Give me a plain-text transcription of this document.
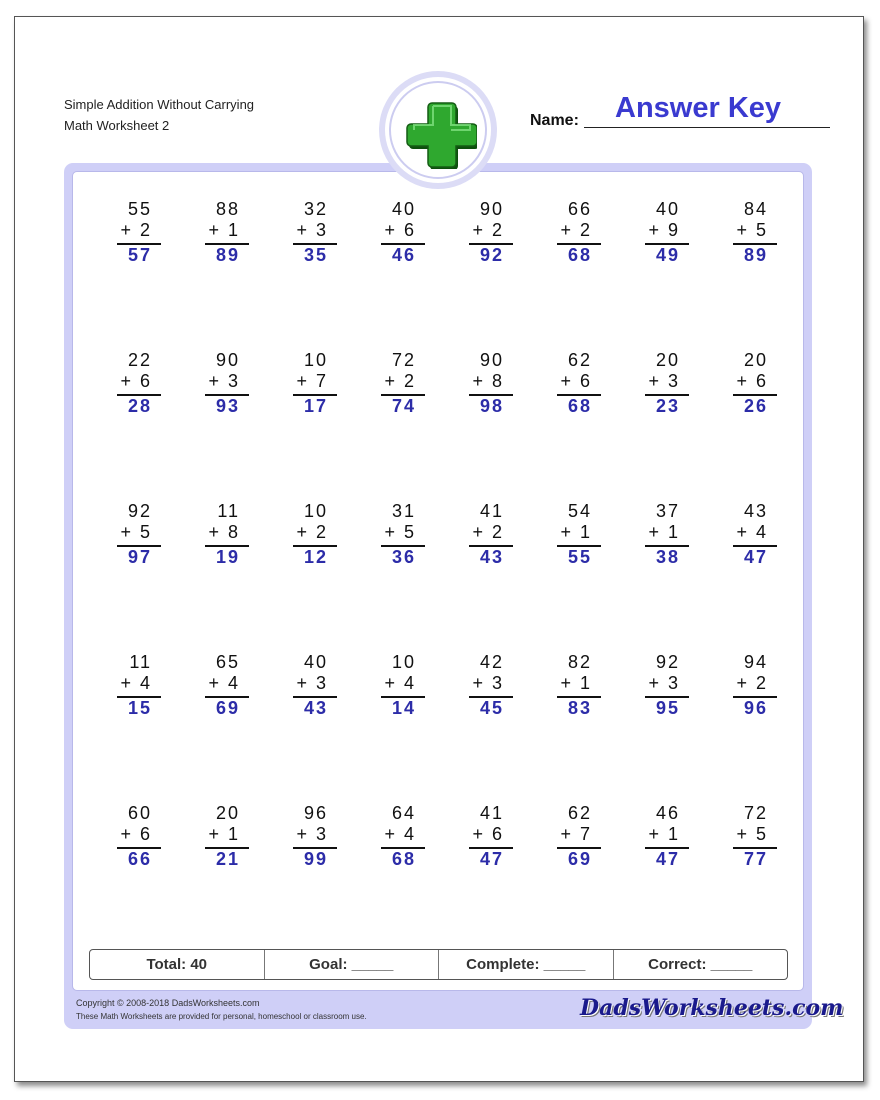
Simple Addition Without Carrying
Math Worksheet 2	Name: Answer Key
55
+ 2
57
88
+ 1
89
32
+ 3
35
40
+ 6
46
90
+ 2
92
66
+ 2
68
40
+ 9
49
84
+ 5
89
22
+ 6
28
90
+ 3
93
10
+ 7
17
72
+ 2
74
90
+ 8
98
62
+ 6
68
20
+ 3
23
20
+ 6
26
92
+ 5
97
11
+ 8
19
10
+ 2
12
31
+ 5
36
41
+ 2
43
54
+ 1
55
37
+ 1
38
43
+ 4
47
11
+ 4
15
65
+ 4
69
40
+ 3
43
10
+ 4
14
42
+ 3
45
82
+ 1
83
92
+ 3
95
94
+ 2
96
60
+ 6
66
20
+ 1
21
96
+ 3
99
64
+ 4
68
41
+ 6
47
62
+ 7
69
46
+ 1
47
72
+ 5
77
Total: 40	Goal: _____	Complete: _____	Correct: _____
Copyright © 2008-2018 DadsWorksheets.com
These Math Worksheets are provided for personal, homeschool or classroom use.	DadsWorksheets.com
